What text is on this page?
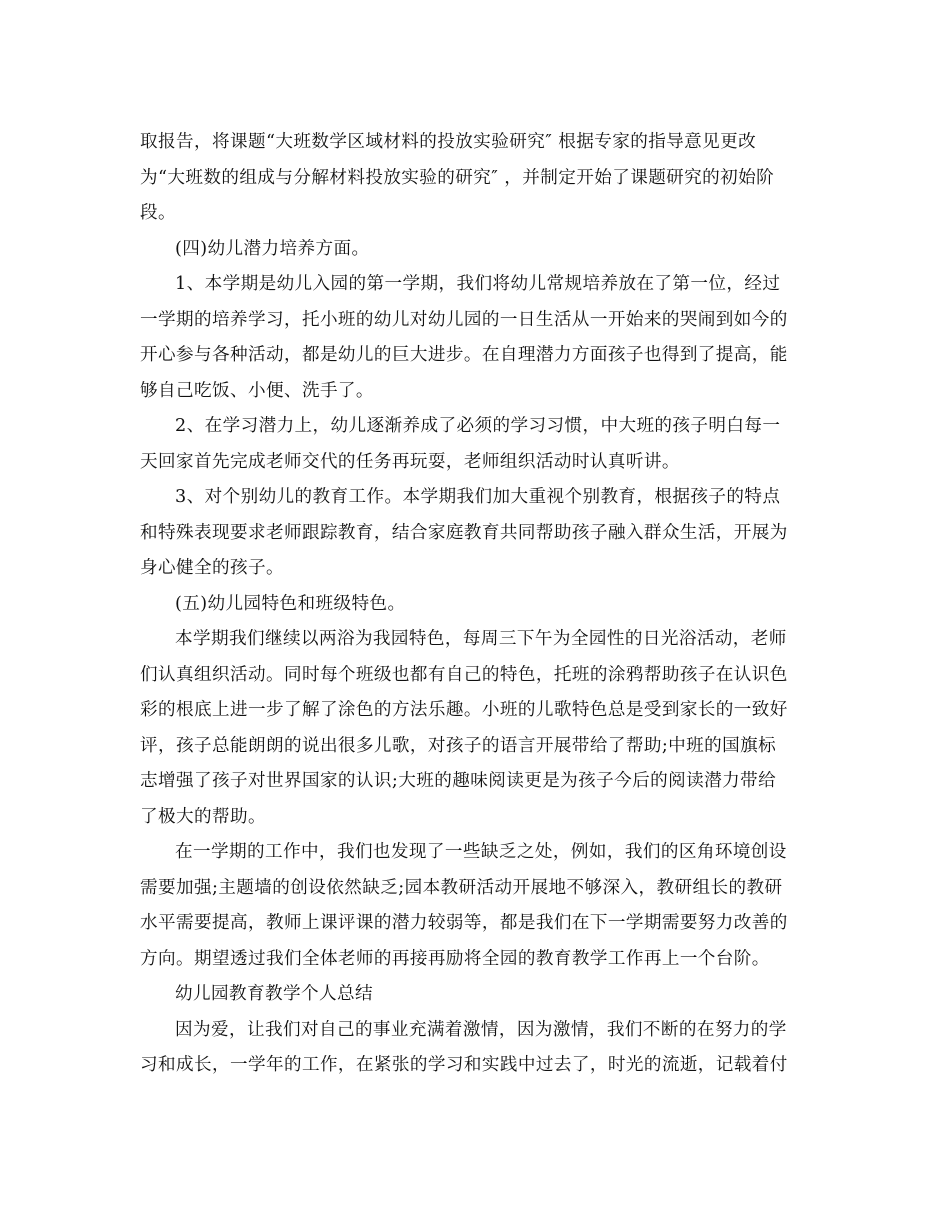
取报告，将课题“大班数学区域材料的投放实验研究″ 根据专家的指导意见更改
为“大班数的组成与分解材料投放实验的研究″ ，并制定开始了课题研究的初始阶
段。
(四)幼儿潜力培养方面。
1、本学期是幼儿入园的第一学期，我们将幼儿常规培养放在了第一位，经过
一学期的培养学习，托小班的幼儿对幼儿园的一日生活从一开始来的哭闹到如今的
开心参与各种活动，都是幼儿的巨大进步。在自理潜力方面孩子也得到了提高，能
够自己吃饭、小便、洗手了。
2、在学习潜力上，幼儿逐渐养成了必须的学习习惯，中大班的孩子明白每一
天回家首先完成老师交代的任务再玩耍，老师组织活动时认真听讲。
3、对个别幼儿的教育工作。本学期我们加大重视个别教育，根据孩子的特点
和特殊表现要求老师跟踪教育，结合家庭教育共同帮助孩子融入群众生活，开展为
身心健全的孩子。
(五)幼儿园特色和班级特色。
本学期我们继续以两浴为我园特色，每周三下午为全园性的日光浴活动，老师
们认真组织活动。同时每个班级也都有自己的特色，托班的涂鸦帮助孩子在认识色
彩的根底上进一步了解了涂色的方法乐趣。小班的儿歌特色总是受到家长的一致好
评，孩子总能朗朗的说出很多儿歌，对孩子的语言开展带给了帮助;中班的国旗标
志增强了孩子对世界国家的认识;大班的趣味阅读更是为孩子今后的阅读潜力带给
了极大的帮助。
在一学期的工作中，我们也发现了一些缺乏之处，例如，我们的区角环境创设
需要加强;主题墙的创设依然缺乏;园本教研活动开展地不够深入，教研组长的教研
水平需要提高，教师上课评课的潜力较弱等，都是我们在下一学期需要努力改善的
方向。期望透过我们全体老师的再接再励将全园的教育教学工作再上一个台阶。
幼儿园教育教学个人总结
因为爱，让我们对自己的事业充满着激情，因为激情，我们不断的在努力的学
习和成长，一学年的工作，在紧张的学习和实践中过去了，时光的流逝，记载着付
